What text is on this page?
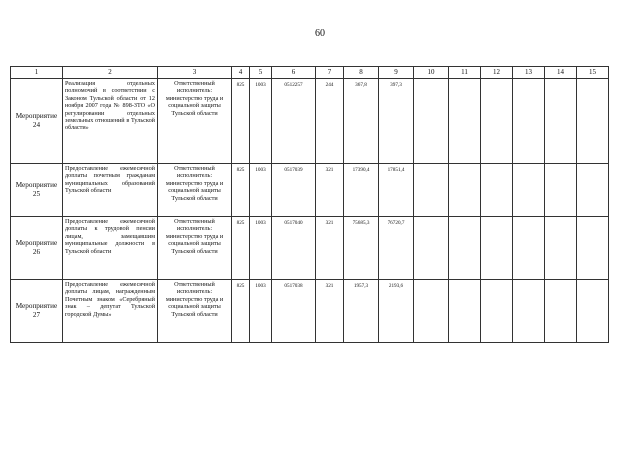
60
1	2	3	4	5	6	7	8	9	10	11	12	13	14	15
Мероприятие 24	Реализация отдельных полномочий в соответствии с Законом Тульской области от 12 ноября 2007 года № 898-ЗТО «О регулировании отдельных земельных отношений в Тульской области»	Ответственный исполнитель: министерство труда и социальной защиты Тульской области	825	1003	0512257	244	367,8	397,3						
Мероприятие 25	Предоставление ежемесячной доплаты почетным гражданам муниципальных образований Тульской области	Ответственный исполнитель: министерство труда и социальной защиты Тульской области	825	1003	0517039	321	17390,4	17851,4						
Мероприятие 26	Предоставление ежемесячной доплаты к трудовой пенсии лицам, замещавшим муниципальные должности в Тульской области	Ответственный исполнитель: министерство труда и социальной защиты Тульской области	825	1003	0517040	321	75685,3	76720,7						
Мероприятие 27	Предоставление ежемесячной доплаты лицам, награжденным Почетным знаком «Серебряный знак – депутат Тульской городской Думы»	Ответственный исполнитель: министерство труда и социальной защиты Тульской области	825	1003	0517038	321	1957,3	2193,6						
